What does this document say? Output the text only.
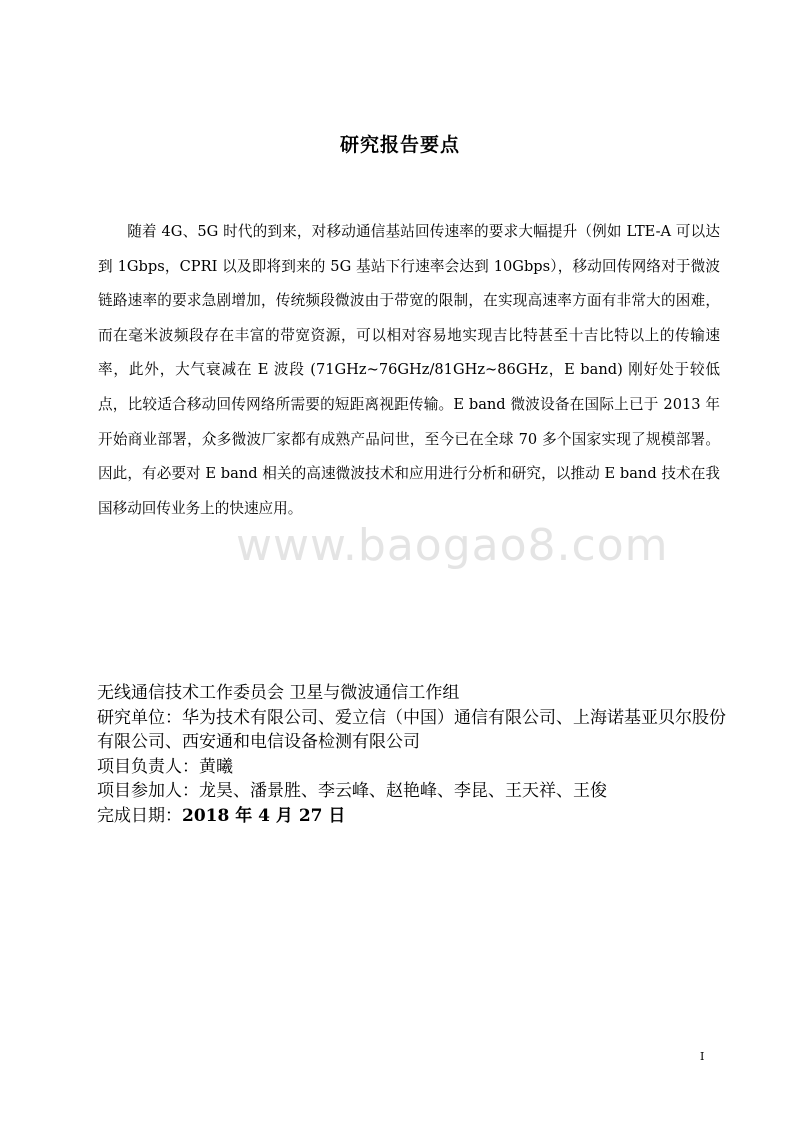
研究报告要点

随着 4G、5G 时代的到来，对移动通信基站回传速率的要求大幅提升（例如 LTE-A 可以达到 1Gbps，CPRI 以及即将到来的 5G 基站下行速率会达到 10Gbps），移动回传网络对于微波链路速率的要求急剧增加，传统频段微波由于带宽的限制，在实现高速率方面有非常大的困难，而在毫米波频段存在丰富的带宽资源，可以相对容易地实现吉比特甚至十吉比特以上的传输速率，此外，大气衰减在 E 波段 (71GHz~76GHz/81GHz~86GHz，E band) 刚好处于较低点，比较适合移动回传网络所需要的短距离视距传输。E band 微波设备在国际上已于 2013 年开始商业部署，众多微波厂家都有成熟产品问世，至今已在全球 70 多个国家实现了规模部署。因此，有必要对 E band 相关的高速微波技术和应用进行分析和研究，以推动 E band 技术在我国移动回传业务上的快速应用。

www.baogao8.com
无线通信技术工作委员会 卫星与微波通信工作组
研究单位：华为技术有限公司、爱立信（中国）通信有限公司、上海诺基亚贝尔股份有限公司、西安通和电信设备检测有限公司
项目负责人：黄曦
项目参加人：龙昊、潘景胜、李云峰、赵艳峰、李昆、王天祥、王俊
完成日期：2018 年 4 月 27 日
I
